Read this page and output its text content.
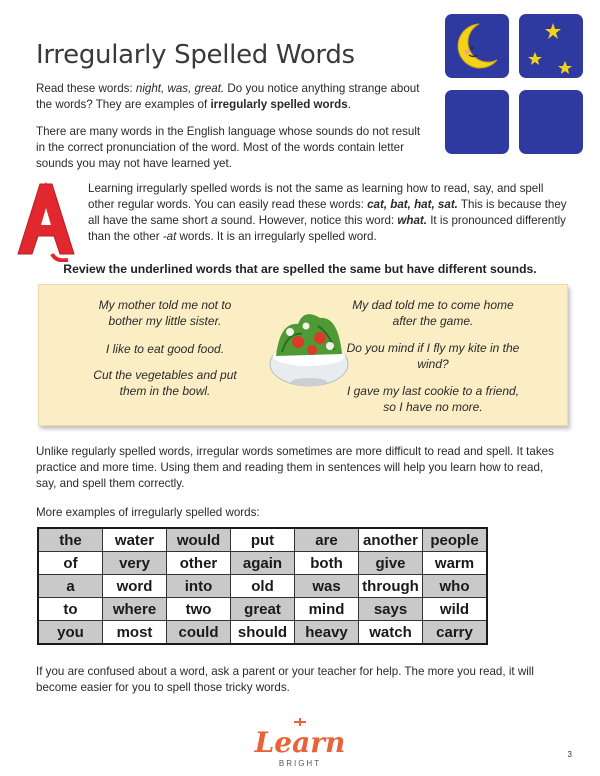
Irregularly Spelled Words

Read these words: night, was, great. Do you notice anything strange about the words? They are examples of irregularly spelled words.

There are many words in the English language whose sounds do not result in the correct pronunciation of the word. Most of the words contain letter sounds you may not have learned yet.

Learning irregularly spelled words is not the same as learning how to read, say, and spell other regular words. You can easily read these words: cat, bat, hat, sat. This is because they all have the same short a sound. However, notice this word: what. It is pronounced differently than the other -at words. It is an irregularly spelled word.

Review the underlined words that are spelled the same but have different sounds.

My mother told me not to bother my little sister.

I like to eat good food.

Cut the vegetables and put them in the bowl.

My dad told me to come home after the game.

Do you mind if I fly my kite in the wind?

I gave my last cookie to a friend, so I have no more.

Unlike regularly spelled words, irregular words sometimes are more difficult to read and spell. It takes practice and more time. Using them and reading them in sentences will help you learn how to read, say, and spell them correctly.

More examples of irregularly spelled words:

the	water	would	put	are	another	people
of	very	other	again	both	give	warm
a	word	into	old	was	through	who
to	where	two	great	mind	says	wild
you	most	could	should	heavy	watch	carry

If you are confused about a word, ask a parent or your teacher for help. The more you read, it will become easier for you to spell those tricky words.

Learn
BRIGHT

3
